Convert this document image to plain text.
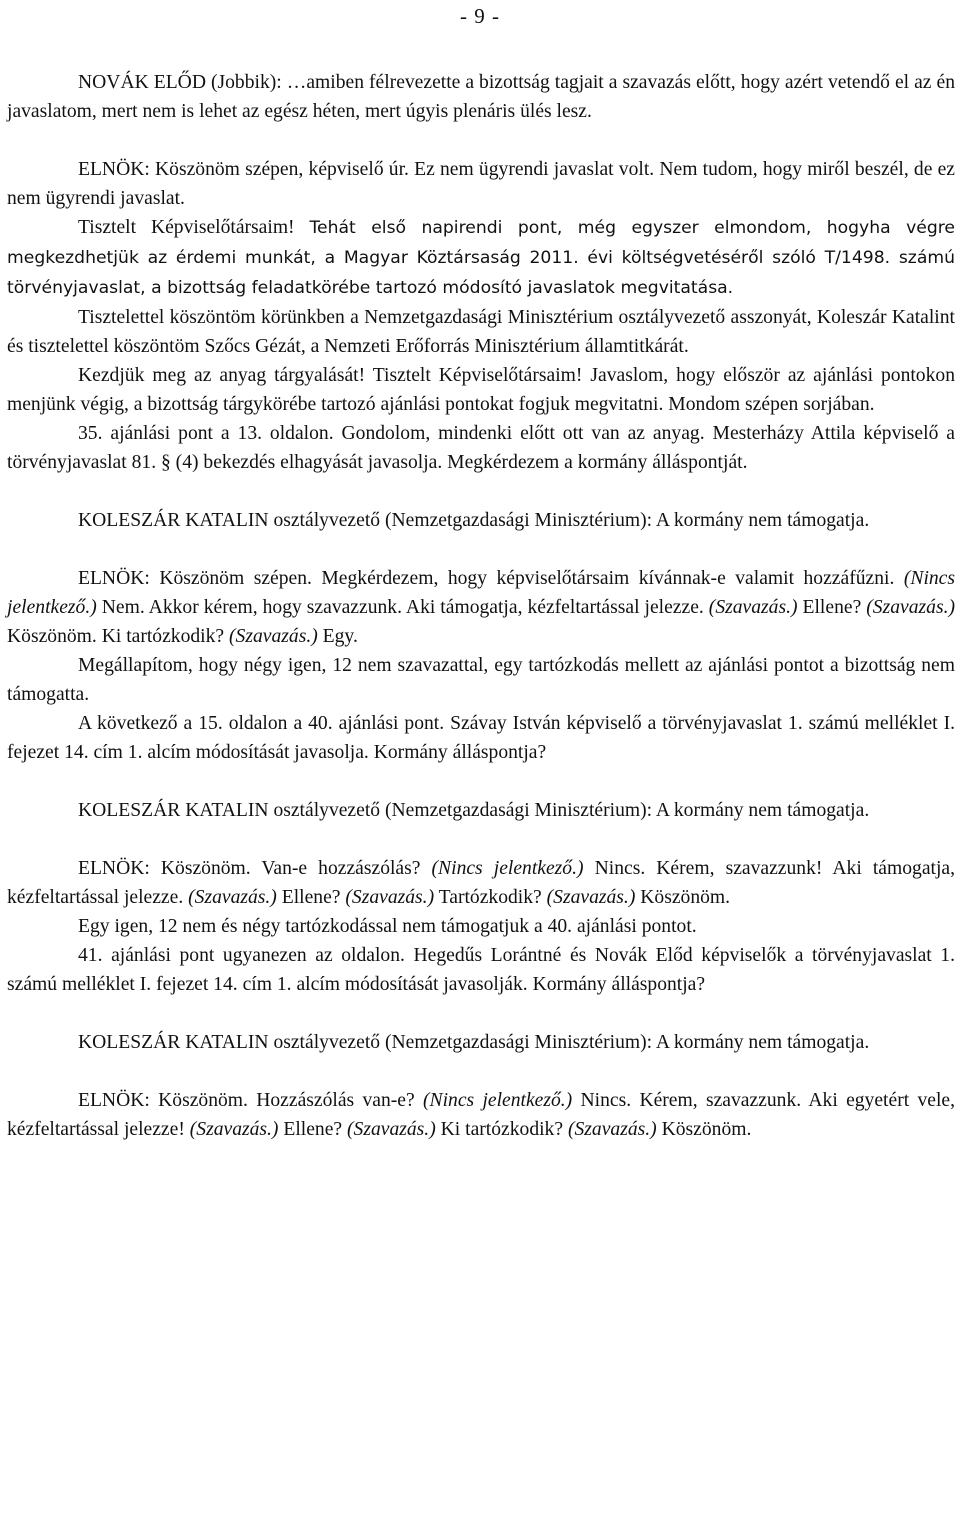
- 9 -

NOVÁK ELŐD (Jobbik): …amiben félrevezette a bizottság tagjait a szavazás előtt, hogy azért vetendő el az én javaslatom, mert nem is lehet az egész héten, mert úgyis plenáris ülés lesz.

ELNÖK: Köszönöm szépen, képviselő úr. Ez nem ügyrendi javaslat volt. Nem tudom, hogy miről beszél, de ez nem ügyrendi javaslat.

Tisztelt Képviselőtársaim! Tehát első napirendi pont, még egyszer elmondom, hogyha végre megkezdhetjük az érdemi munkát, a Magyar Köztársaság 2011. évi költségvetéséről szóló T/1498. számú törvényjavaslat, a bizottság feladatkörébe tartozó módosító javaslatok megvitatása.

Tisztelettel köszöntöm körünkben a Nemzetgazdasági Minisztérium osztályvezető asszonyát, Koleszár Katalint és tisztelettel köszöntöm Szőcs Gézát, a Nemzeti Erőforrás Minisztérium államtitkárát.

Kezdjük meg az anyag tárgyalását! Tisztelt Képviselőtársaim! Javaslom, hogy először az ajánlási pontokon menjünk végig, a bizottság tárgykörébe tartozó ajánlási pontokat fogjuk megvitatni. Mondom szépen sorjában.

35. ajánlási pont a 13. oldalon. Gondolom, mindenki előtt ott van az anyag. Mesterházy Attila képviselő a törvényjavaslat 81. § (4) bekezdés elhagyását javasolja. Megkérdezem a kormány álláspontját.

KOLESZÁR KATALIN osztályvezető (Nemzetgazdasági Minisztérium): A kormány nem támogatja.

ELNÖK: Köszönöm szépen. Megkérdezem, hogy képviselőtársaim kívánnak-e valamit hozzáfűzni. (Nincs jelentkező.) Nem. Akkor kérem, hogy szavazzunk. Aki támogatja, kézfeltartással jelezze. (Szavazás.) Ellene? (Szavazás.) Köszönöm. Ki tartózkodik? (Szavazás.) Egy.

Megállapítom, hogy négy igen, 12 nem szavazattal, egy tartózkodás mellett az ajánlási pontot a bizottság nem támogatta.

A következő a 15. oldalon a 40. ajánlási pont. Szávay István képviselő a törvényjavaslat 1. számú melléklet I. fejezet 14. cím 1. alcím módosítását javasolja. Kormány álláspontja?

KOLESZÁR KATALIN osztályvezető (Nemzetgazdasági Minisztérium): A kormány nem támogatja.

ELNÖK: Köszönöm. Van-e hozzászólás? (Nincs jelentkező.) Nincs. Kérem, szavazzunk! Aki támogatja, kézfeltartással jelezze. (Szavazás.) Ellene? (Szavazás.) Tartózkodik? (Szavazás.) Köszönöm.

Egy igen, 12 nem és négy tartózkodással nem támogatjuk a 40. ajánlási pontot.

41. ajánlási pont ugyanezen az oldalon. Hegedűs Lorántné és Novák Előd képviselők a törvényjavaslat 1. számú melléklet I. fejezet 14. cím 1. alcím módosítását javasolják. Kormány álláspontja?

KOLESZÁR KATALIN osztályvezető (Nemzetgazdasági Minisztérium): A kormány nem támogatja.

ELNÖK: Köszönöm. Hozzászólás van-e? (Nincs jelentkező.) Nincs. Kérem, szavazzunk. Aki egyetért vele, kézfeltartással jelezze! (Szavazás.) Ellene? (Szavazás.) Ki tartózkodik? (Szavazás.) Köszönöm.
